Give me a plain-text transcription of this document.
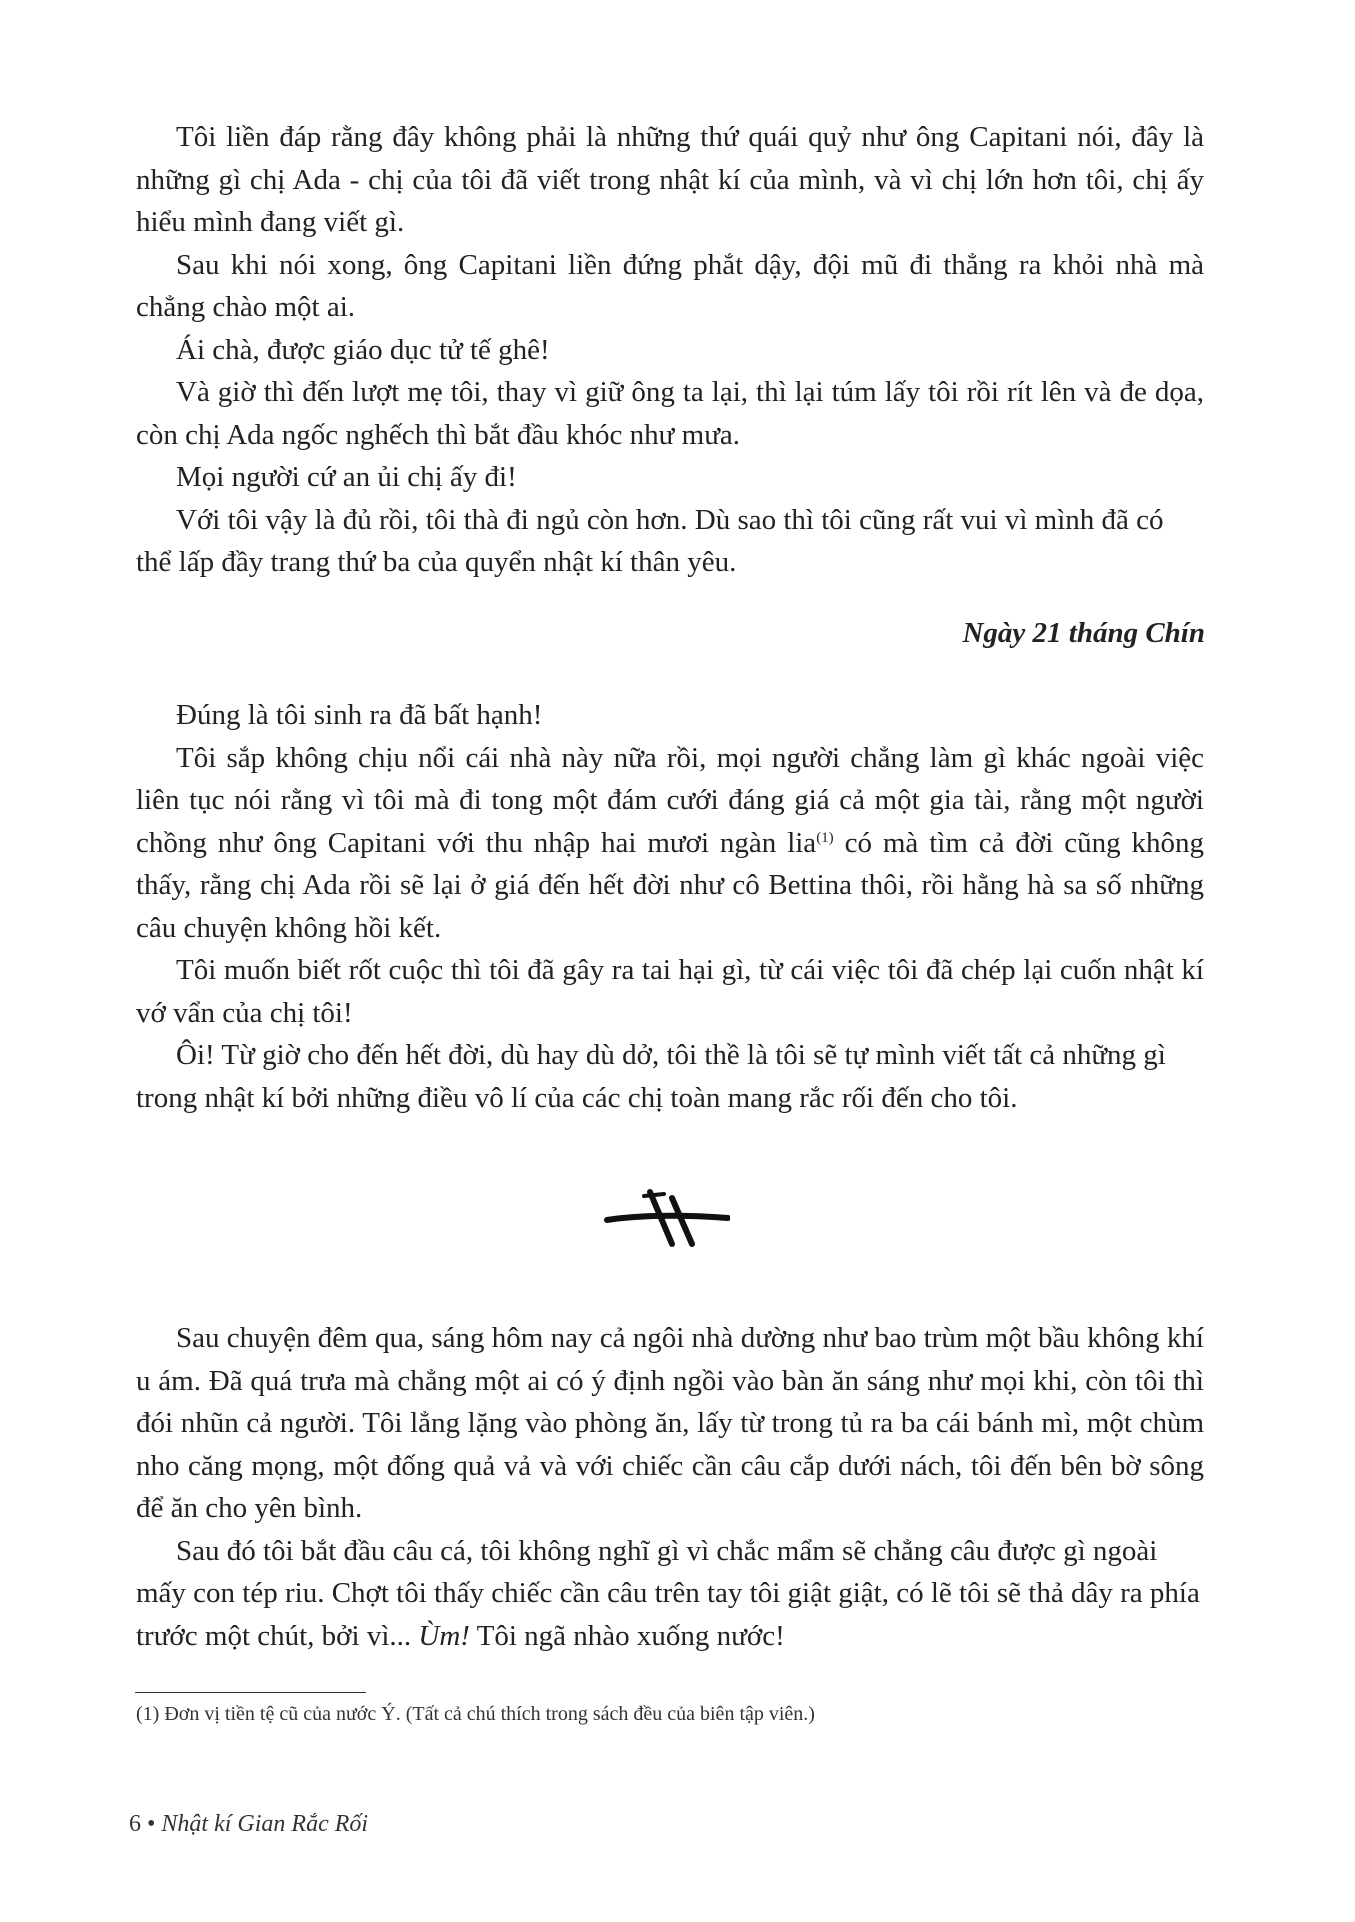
Tôi liền đáp rằng đây không phải là những thứ quái quỷ như ông Capitani nói, đây là những gì chị Ada - chị của tôi đã viết trong nhật kí của mình, và vì chị lớn hơn tôi, chị ấy hiểu mình đang viết gì.

Sau khi nói xong, ông Capitani liền đứng phắt dậy, đội mũ đi thẳng ra khỏi nhà mà chẳng chào một ai.

Ái chà, được giáo dục tử tế ghê!

Và giờ thì đến lượt mẹ tôi, thay vì giữ ông ta lại, thì lại túm lấy tôi rồi rít lên và đe dọa, còn chị Ada ngốc nghếch thì bắt đầu khóc như mưa.

Mọi người cứ an ủi chị ấy đi!

Với tôi vậy là đủ rồi, tôi thà đi ngủ còn hơn. Dù sao thì tôi cũng rất vui vì mình đã có thể lấp đầy trang thứ ba của quyển nhật kí thân yêu.

Ngày 21 tháng Chín

Đúng là tôi sinh ra đã bất hạnh!

Tôi sắp không chịu nổi cái nhà này nữa rồi, mọi người chẳng làm gì khác ngoài việc liên tục nói rằng vì tôi mà đi tong một đám cưới đáng giá cả một gia tài, rằng một người chồng như ông Capitani với thu nhập hai mươi ngàn lia$^{(1)}$ có mà tìm cả đời cũng không thấy, rằng chị Ada rồi sẽ lại ở giá đến hết đời như cô Bettina thôi, rồi hằng hà sa số những câu chuyện không hồi kết.

Tôi muốn biết rốt cuộc thì tôi đã gây ra tai hại gì, từ cái việc tôi đã chép lại cuốn nhật kí vớ vẩn của chị tôi!

Ôi! Từ giờ cho đến hết đời, dù hay dù dở, tôi thề là tôi sẽ tự mình viết tất cả những gì trong nhật kí bởi những điều vô lí của các chị toàn mang rắc rối đến cho tôi.

Sau chuyện đêm qua, sáng hôm nay cả ngôi nhà dường như bao trùm một bầu không khí u ám. Đã quá trưa mà chẳng một ai có ý định ngồi vào bàn ăn sáng như mọi khi, còn tôi thì đói nhũn cả người. Tôi lẳng lặng vào phòng ăn, lấy từ trong tủ ra ba cái bánh mì, một chùm nho căng mọng, một đống quả vả và với chiếc cần câu cắp dưới nách, tôi đến bên bờ sông để ăn cho yên bình.

Sau đó tôi bắt đầu câu cá, tôi không nghĩ gì vì chắc mẩm sẽ chẳng câu được gì ngoài mấy con tép riu. Chợt tôi thấy chiếc cần câu trên tay tôi giật giật, có lẽ tôi sẽ thả dây ra phía trước một chút, bởi vì... Ùm! Tôi ngã nhào xuống nước!

(1) Đơn vị tiền tệ cũ của nước Ý. (Tất cả chú thích trong sách đều của biên tập viên.)
6 • Nhật kí Gian Rắc Rối
